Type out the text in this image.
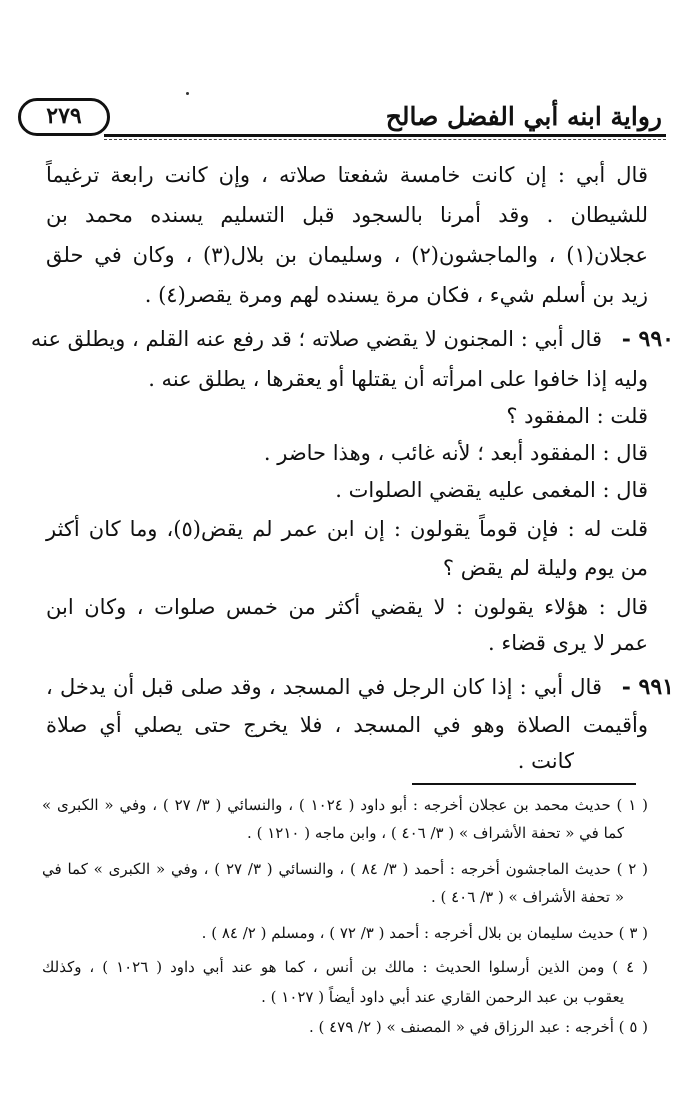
رواية ابنه أبي الفضل صالح
٢٧٩
قال أبي : إن كانت خامسة شفعتا صلاته ، وإن كانت رابعة ترغيماً
للشيطان . وقد أمرنا بالسجود قبل التسليم يسنده محمد بن
عجلان(١) ، والماجشون(٢) ، وسليمان بن بلال(٣) ، وكان في حلق
زيد بن أسلم شيء ، فكان مرة يسنده لهم ومرة يقصر(٤) .
٩٩٠ -
قال أبي : المجنون لا يقضي صلاته ؛ قد رفع عنه القلم ، ويطلق عنه
وليه إذا خافوا على امرأته أن يقتلها أو يعقرها ، يطلق عنه .
قلت : المفقود ؟
قال : المفقود أبعد ؛ لأنه غائب ، وهذا حاضر .
قال : المغمى عليه يقضي الصلوات .
قلت له : فإن قوماً يقولون : إن ابن عمر لم يقض(٥)، وما كان أكثر
من يوم وليلة لم يقض ؟
قال : هؤلاء يقولون : لا يقضي أكثر من خمس صلوات ، وكان ابن
عمر لا يرى قضاء .
٩٩١ -
قال أبي : إذا كان الرجل في المسجد ، وقد صلى قبل أن يدخل ،
وأقيمت الصلاة وهو في المسجد ، فلا يخرج حتى يصلي أي صلاة
كانت .
( ١ ) حديث محمد بن عجلان أخرجه : أبو داود ( ١٠٢٤ ) ، والنسائي ( ٣/ ٢٧ ) ، وفي « الكبرى »
كما في « تحفة الأشراف » ( ٣/ ٤٠٦ ) ، وابن ماجه ( ١٢١٠ ) .
( ٢ ) حديث الماجشون أخرجه : أحمد ( ٣/ ٨٤ ) ، والنسائي ( ٣/ ٢٧ ) ، وفي « الكبرى » كما في
« تحفة الأشراف » ( ٣/ ٤٠٦ ) .
( ٣ ) حديث سليمان بن بلال أخرجه : أحمد ( ٣/ ٧٢ ) ، ومسلم ( ٢/ ٨٤ ) .
( ٤ ) ومن الذين أرسلوا الحديث : مالك بن أنس ، كما هو عند أبي داود ( ١٠٢٦ ) ، وكذلك
يعقوب بن عبد الرحمن القاري عند أبي داود أيضاً ( ١٠٢٧ ) .
( ٥ ) أخرجه : عبد الرزاق في « المصنف » ( ٢/ ٤٧٩ ) .
